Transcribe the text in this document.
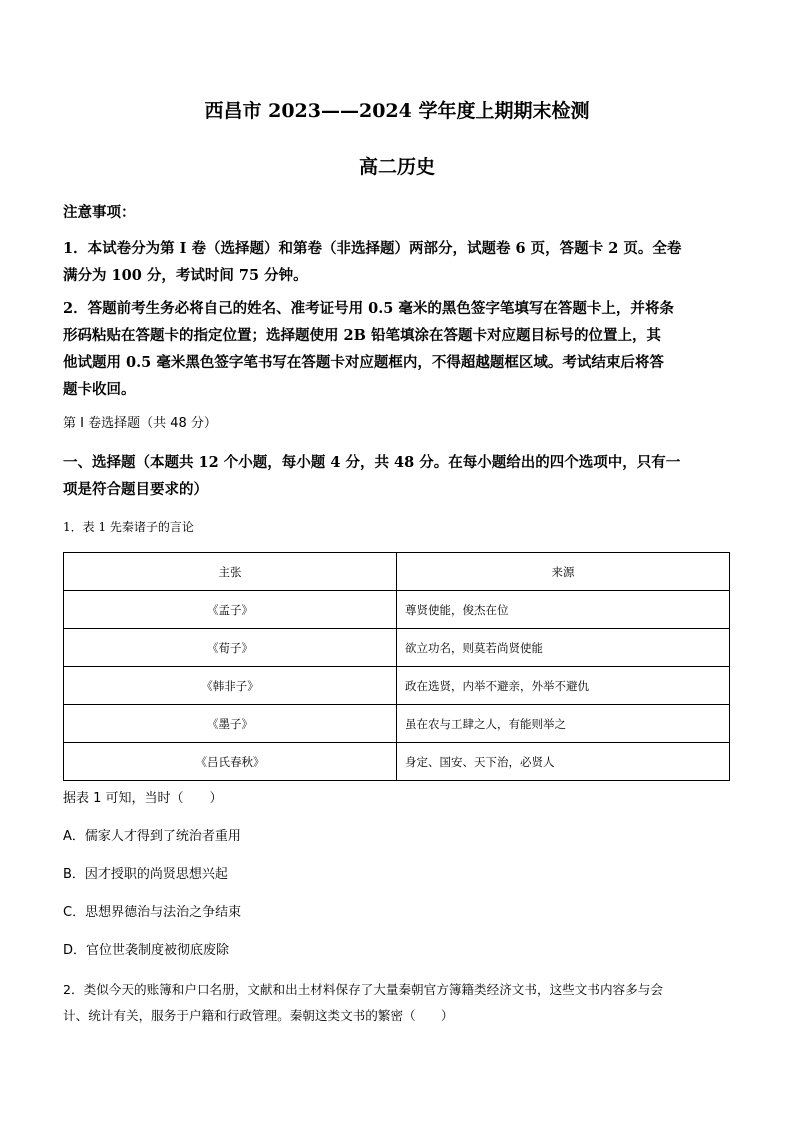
西昌市 2023——2024 学年度上期期末检测
高二历史
注意事项：
1．本试卷分为第 I 卷（选择题）和第卷（非选择题）两部分，试题卷 6 页，答题卡 2 页。全卷
满分为 100 分，考试时间 75 分钟。
2．答题前考生务必将自己的姓名、准考证号用 0.5 毫米的黑色签字笔填写在答题卡上，并将条
形码粘贴在答题卡的指定位置；选择题使用 2B 铅笔填涂在答题卡对应题目标号的位置上，其
他试题用 0.5 毫米黑色签字笔书写在答题卡对应题框内，不得超越题框区域。考试结束后将答
题卡收回。
第 I 卷选择题（共 48 分）
一、选择题（本题共 12 个小题，每小题 4 分，共 48 分。在每小题给出的四个选项中，只有一
项是符合题目要求的）
1．表 1 先秦诸子的言论
主张	来源
《孟子》	尊贤使能，俊杰在位
《荀子》	欲立功名，则莫若尚贤使能
《韩非子》	政在选贤，内举不避亲，外举不避仇
《墨子》	虽在农与工肆之人，有能则举之
《吕氏春秋》	身定、国安、天下治，必贤人
据表 1 可知，当时（　　）
A．儒家人才得到了统治者重用
B．因才授职的尚贤思想兴起
C．思想界德治与法治之争结束
D．官位世袭制度被彻底废除
2．类似今天的账簿和户口名册，文献和出土材料保存了大量秦朝官方簿籍类经济文书，这些文书内容多与会
计、统计有关，服务于户籍和行政管理。秦朝这类文书的繁密（　　）
